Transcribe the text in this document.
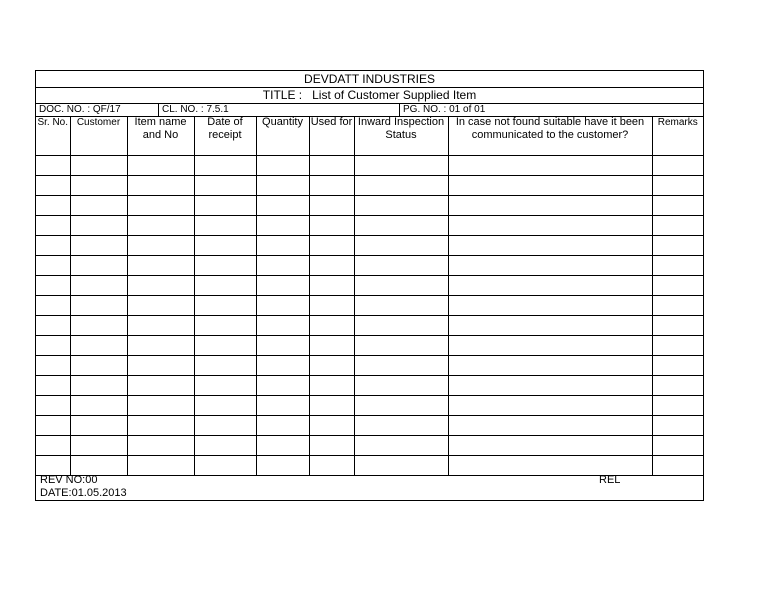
DEVDATT INDUSTRIES
TITLE :   List of Customer Supplied Item
DOC. NO. : QF/17	CL. NO. : 7.5.1	PG. NO. : 01 of 01
Sr. No.	Customer	Item name and No	Date of receipt	Quantity	Used for	Inward Inspection Status	In case not found suitable have it been communicated to the customer?	Remarks

REV NO:00
DATE:01.05.2013
REL
